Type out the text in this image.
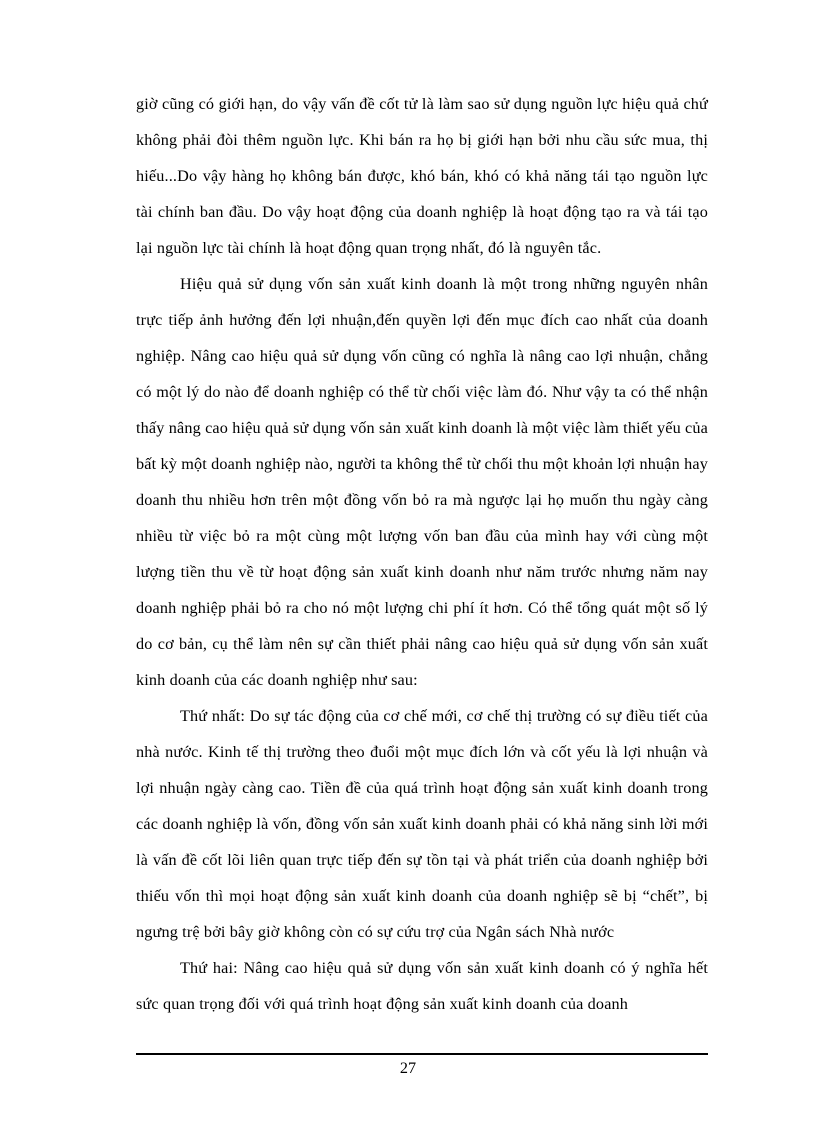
giờ cũng có giới hạn, do vậy vấn đề cốt tử là làm sao sử dụng nguồn lực hiệu quả chứ không phải đòi thêm nguồn lực. Khi bán ra họ bị giới hạn bởi nhu cầu sức mua, thị hiếu...Do vậy hàng họ không bán được, khó bán, khó có khả năng tái tạo nguồn lực tài chính ban đầu. Do vậy hoạt động của doanh nghiệp là hoạt động tạo ra và tái tạo lại nguồn lực tài chính là hoạt động quan trọng nhất, đó là nguyên tắc.

Hiệu quả sử dụng vốn sản xuất kinh doanh là một trong những nguyên nhân trực tiếp ảnh hưởng đến lợi nhuận,đến quyền lợi đến mục đích cao nhất của doanh nghiệp. Nâng cao hiệu quả sử dụng vốn cũng có nghĩa là nâng cao lợi nhuận, chẳng có một lý do nào để doanh nghiệp có thể từ chối việc làm đó. Như vậy ta có thể nhận thấy nâng cao hiệu quả sử dụng vốn sản xuất kinh doanh là một việc làm thiết yếu của bất kỳ một doanh nghiệp nào, người ta không thể từ chối thu một khoản lợi nhuận hay doanh thu nhiều hơn trên một đồng vốn bỏ ra mà ngược lại họ muốn thu ngày càng nhiều từ việc bỏ ra một cùng một lượng vốn ban đầu của mình hay với cùng một lượng tiền thu về từ hoạt động sản xuất kinh doanh như năm trước nhưng năm nay doanh nghiệp phải bỏ ra cho nó một lượng chi phí ít hơn. Có thể tổng quát một số lý do cơ bản, cụ thể làm nên sự cần thiết phải nâng cao hiệu quả sử dụng vốn sản xuất kinh doanh của các doanh nghiệp như sau:

Thứ nhất: Do sự tác động của cơ chế mới, cơ chế thị trường có sự điều tiết của nhà nước. Kinh tế thị trường theo đuổi một mục đích lớn và cốt yếu là lợi nhuận và lợi nhuận ngày càng cao. Tiền đề của quá trình hoạt động sản xuất kinh doanh trong các doanh nghiệp là vốn, đồng vốn sản xuất kinh doanh phải có khả năng sinh lời mới là vấn đề cốt lõi liên quan trực tiếp đến sự tồn tại và phát triển của doanh nghiệp bởi thiếu vốn thì mọi hoạt động sản xuất kinh doanh của doanh nghiệp sẽ bị “chết”, bị ngưng trệ bởi bây giờ không còn có sự cứu trợ của Ngân sách Nhà nước

Thứ hai: Nâng cao hiệu quả sử dụng vốn sản xuất kinh doanh có ý nghĩa hết sức quan trọng đối với quá trình hoạt động sản xuất kinh doanh của doanh

27
